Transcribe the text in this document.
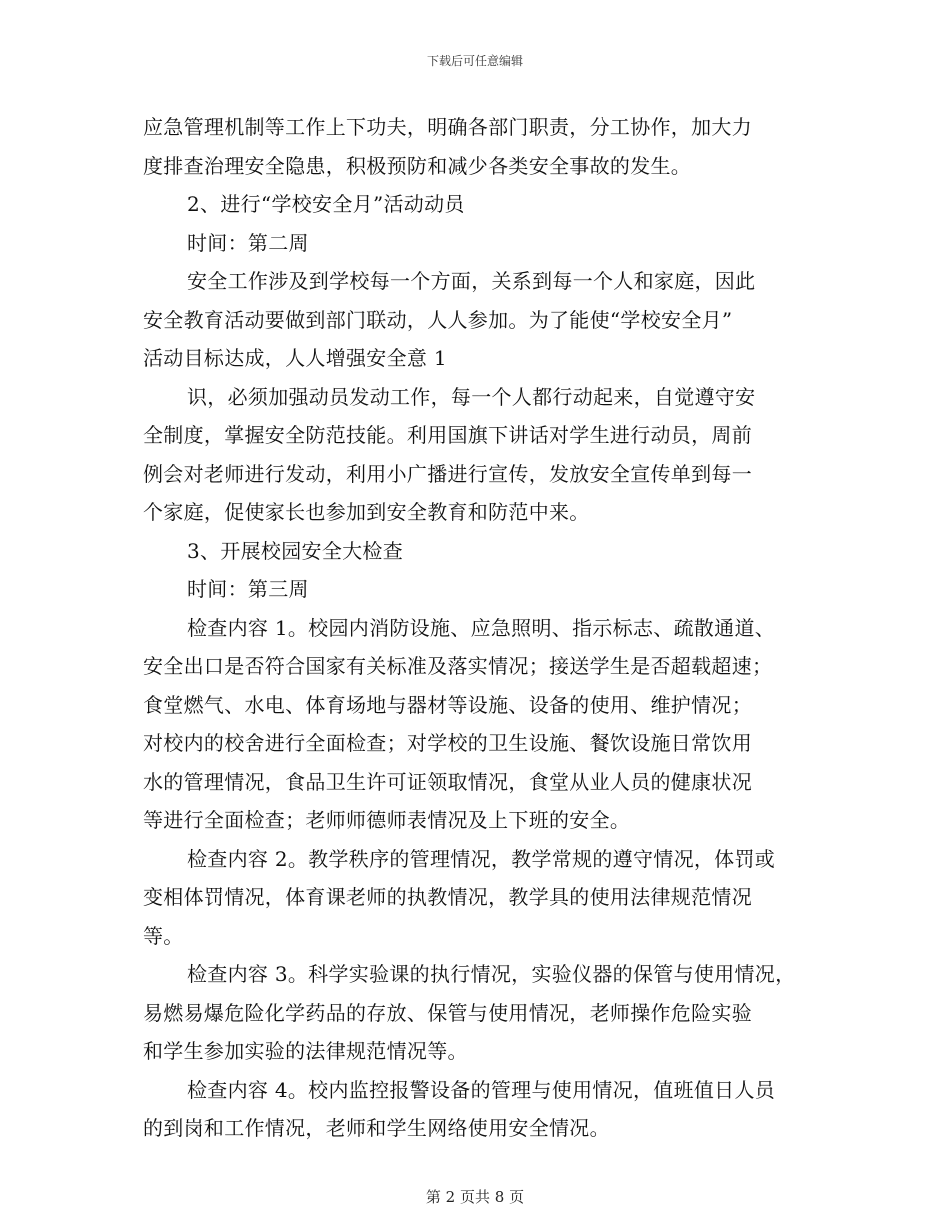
下载后可任意编辑
应急管理机制等工作上下功夫，明确各部门职责，分工协作，加大力
度排查治理安全隐患，积极预防和减少各类安全事故的发生。
2、进行“学校安全月”活动动员
时间：第二周
安全工作涉及到学校每一个方面，关系到每一个人和家庭，因此
安全教育活动要做到部门联动，人人参加。为了能使“学校安全月”
活动目标达成，人人增强安全意 1
识，必须加强动员发动工作，每一个人都行动起来，自觉遵守安
全制度，掌握安全防范技能。利用国旗下讲话对学生进行动员，周前
例会对老师进行发动，利用小广播进行宣传，发放安全宣传单到每一
个家庭，促使家长也参加到安全教育和防范中来。
3、开展校园安全大检查
时间：第三周
检查内容 1。校园内消防设施、应急照明、指示标志、疏散通道、
安全出口是否符合国家有关标准及落实情况；接送学生是否超载超速；
食堂燃气、水电、体育场地与器材等设施、设备的使用、维护情况；
对校内的校舍进行全面检查；对学校的卫生设施、餐饮设施日常饮用
水的管理情况，食品卫生许可证领取情况，食堂从业人员的健康状况
等进行全面检查；老师师德师表情况及上下班的安全。
检查内容 2。教学秩序的管理情况，教学常规的遵守情况，体罚或
变相体罚情况，体育课老师的执教情况，教学具的使用法律规范情况
等。
检查内容 3。科学实验课的执行情况，实验仪器的保管与使用情况，
易燃易爆危险化学药品的存放、保管与使用情况，老师操作危险实验
和学生参加实验的法律规范情况等。
检查内容 4。校内监控报警设备的管理与使用情况，值班值日人员
的到岗和工作情况，老师和学生网络使用安全情况。
第 2 页共 8 页
